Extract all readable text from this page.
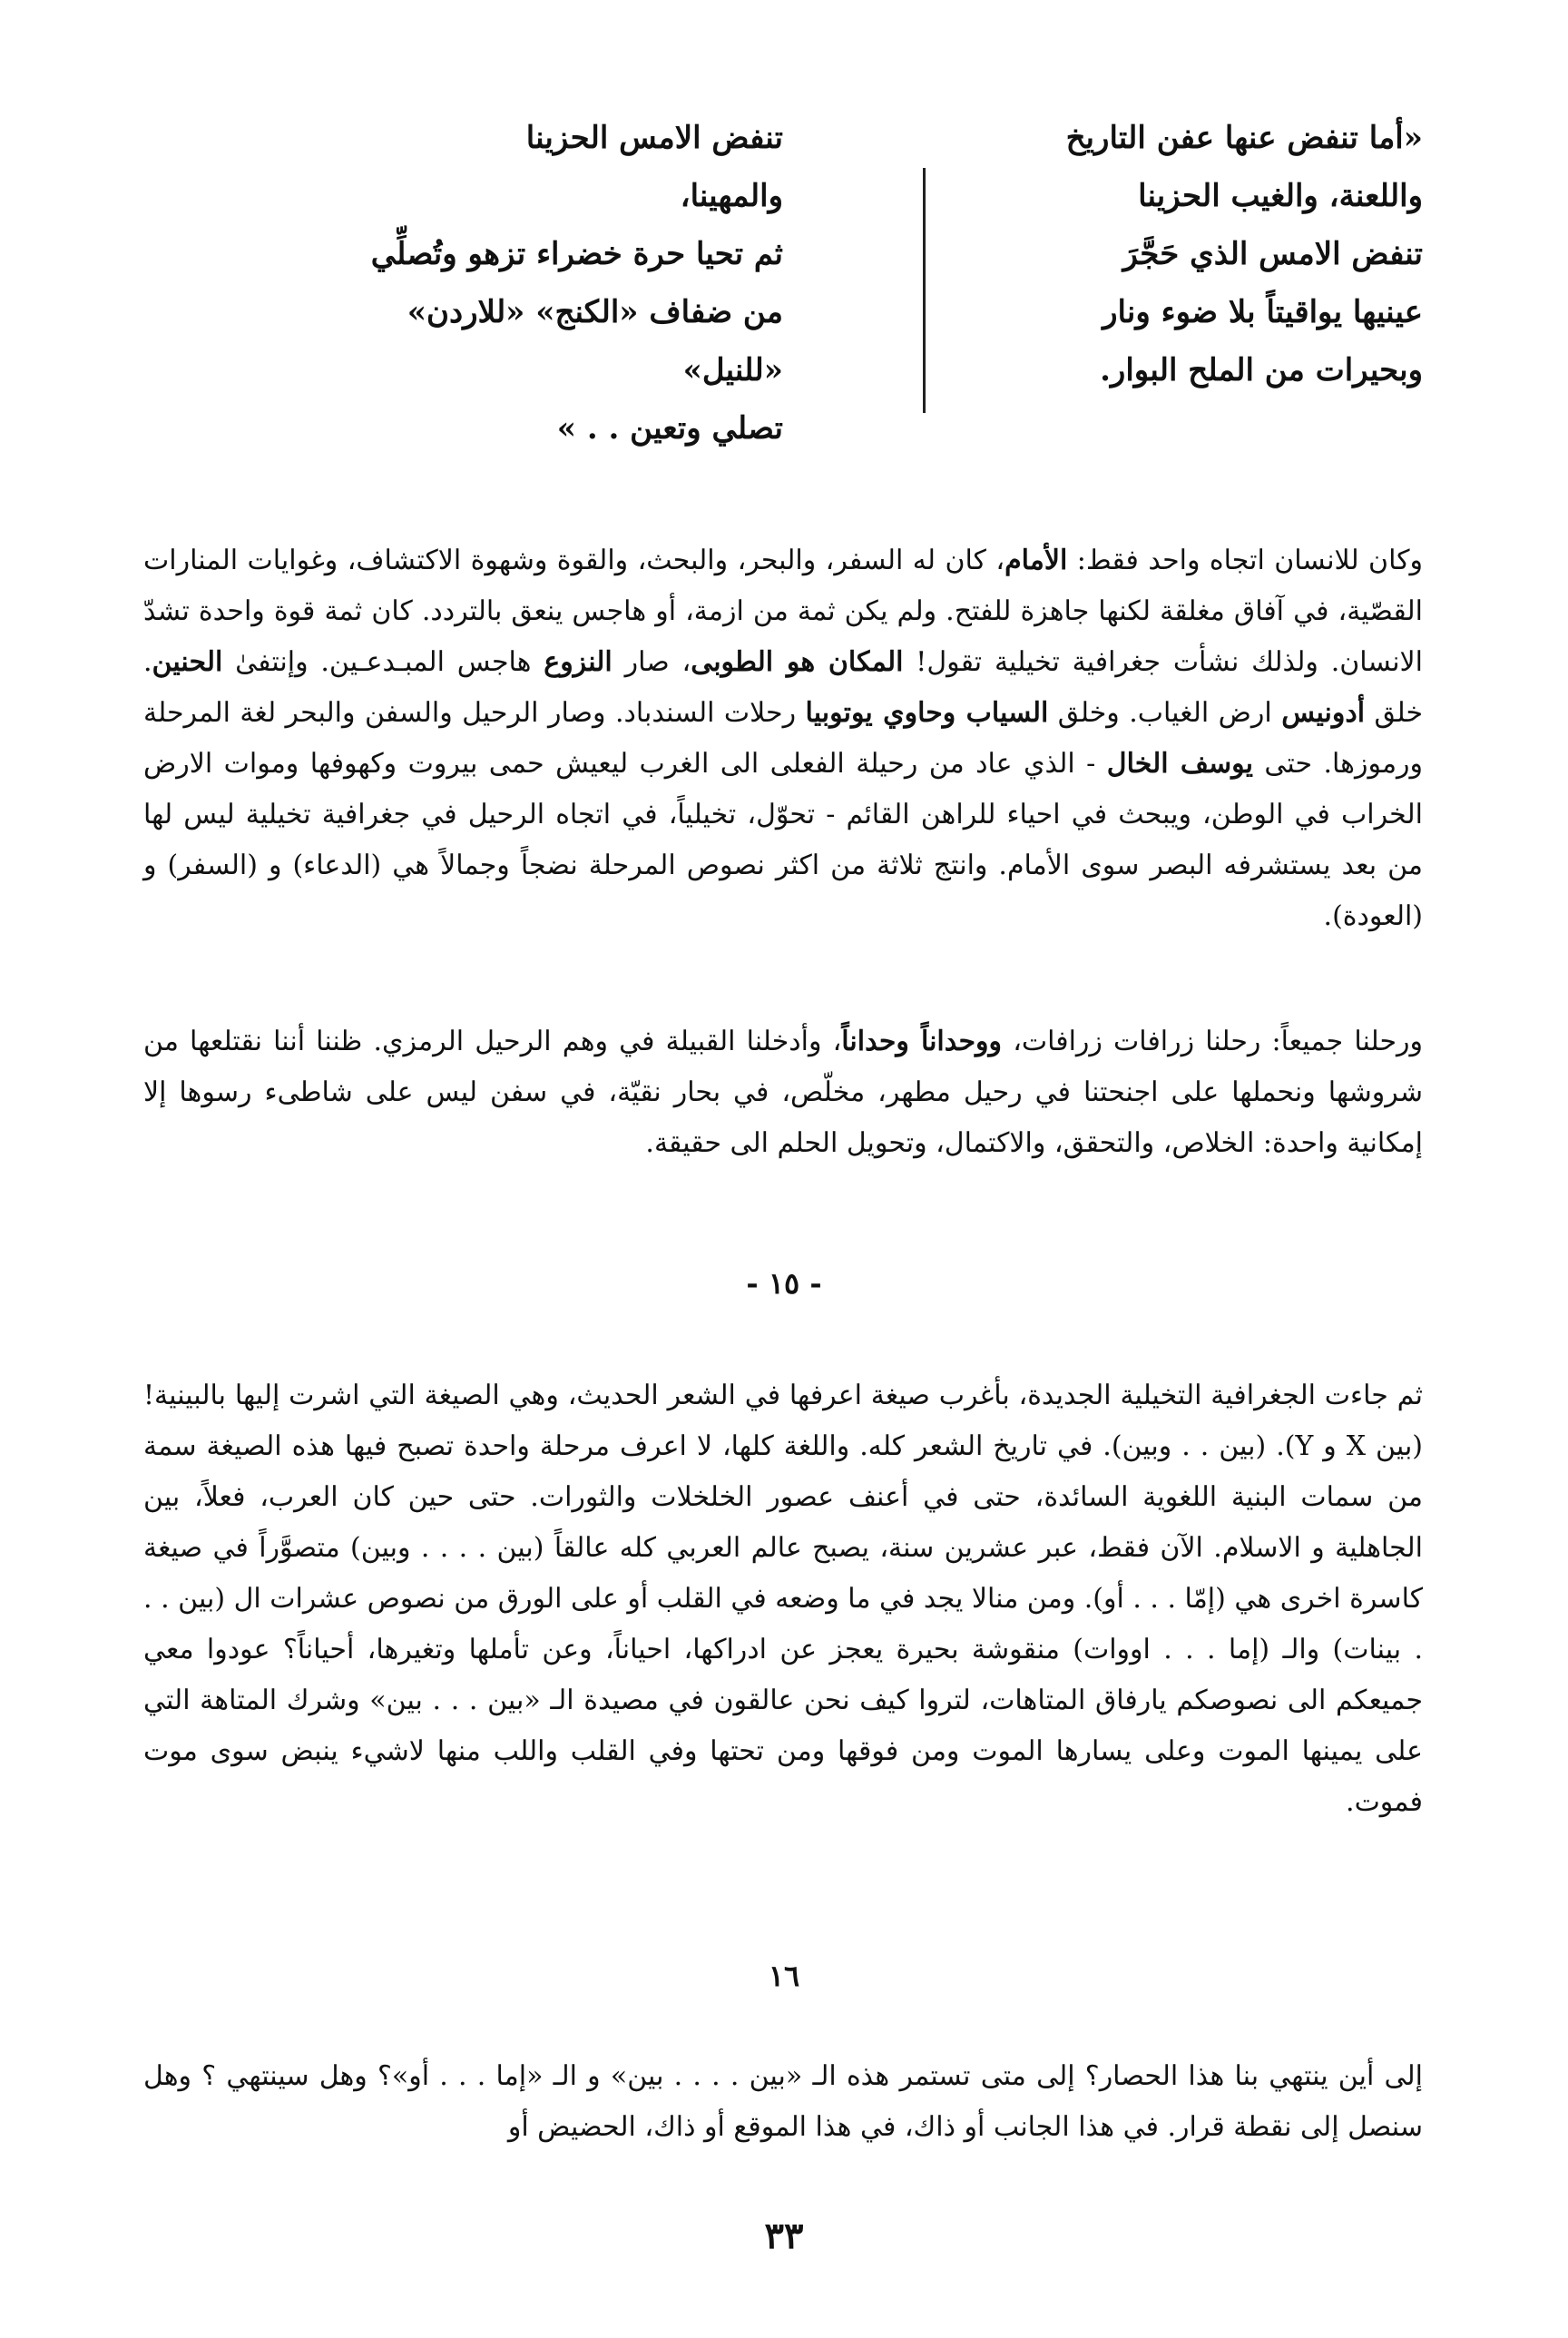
«أما تنفض عنها عفن التاريخ
واللعنة، والغيب الحزينا
تنفض الامس الذي حَجَّرَ
عينيها يواقيتاً بلا ضوء ونار
وبحيرات من الملح البوار.
تنفض الامس الحزينا
والمهينا،
ثم تحيا حرة خضراء تزهو وتُصلِّي
من ضفاف «الكنج» «للاردن»
«للنيل»
تصلي وتعين . . »

وكان للانسان اتجاه واحد فقط: الأمام، كان له السفر، والبحر، والبحث، والقوة وشهوة الاكتشاف، وغوايات المنارات القصّية، في آفاق مغلقة لكنها جاهزة للفتح. ولم يكن ثمة من ازمة، أو هاجس ينعق بالتردد. كان ثمة قوة واحدة تشدّ الانسان. ولذلك نشأت جغرافية تخيلية تقول! المكان هو الطوبى، صار النزوع هاجس المبـدعـين. وإنتفىٰ الحنين. خلق أدونيس ارض الغياب. وخلق السياب وحاوي يوتوبيا رحلات السندباد. وصار الرحيل والسفن والبحر لغة المرحلة ورموزها. حتى يوسف الخال - الذي عاد من رحيلة الفعلى الى الغرب ليعيش حمى بيروت وكهوفها وموات الارض الخراب في الوطن، ويبحث في احياء للراهن القائم - تحوّل، تخيلياً، في اتجاه الرحيل في جغرافية تخيلية ليس لها من بعد يستشرفه البصر سوى الأمام. وانتج ثلاثة من اكثر نصوص المرحلة نضجاً وجمالاً هي (الدعاء) و (السفر) و (العودة).

ورحلنا جميعاً: رحلنا زرافات زرافات، ووحداناً وحداناً، وأدخلنا القبيلة في وهم الرحيل الرمزي. ظننا أننا نقتلعها من شروشها ونحملها على اجنحتنا في رحيل مطهر، مخلّص، في بحار نقيّة، في سفن ليس على شاطىء رسوها إلا إمكانية واحدة: الخلاص، والتحقق، والاكتمال، وتحويل الحلم الى حقيقة.

- ١٥ -

ثم جاءت الجغرافية التخيلية الجديدة، بأغرب صيغة اعرفها في الشعر الحديث، وهي الصيغة التي اشرت إليها بالبينية! (بين X و Y). (بين . . وبين). في تاريخ الشعر كله. واللغة كلها، لا اعرف مرحلة واحدة تصبح فيها هذه الصيغة سمة من سمات البنية اللغوية السائدة، حتى في أعنف عصور الخلخلات والثورات. حتى حين كان العرب، فعلاً، بين الجاهلية و الاسلام. الآن فقط، عبر عشرين سنة، يصبح عالم العربي كله عالقاً (بين . . . . وبين) متصوَّراً في صيغة كاسرة اخرى هي (إمّا . . . أو). ومن منالا يجد في ما وضعه في القلب أو على الورق من نصوص عشرات ال (بين . . . بينات) والـ (إما . . . اووات) منقوشة بحيرة يعجز عن ادراكها، احياناً، وعن تأملها وتغيرها، أحياناً؟ عودوا معي جميعكم الى نصوصكم يارفاق المتاهات، لتروا كيف نحن عالقون في مصيدة الـ «بين . . . بين» وشرك المتاهة التي على يمينها الموت وعلى يسارها الموت ومن فوقها ومن تحتها وفي القلب واللب منها لاشيء ينبض سوى موت فموت.

١٦

إلى أين ينتهي بنا هذا الحصار؟ إلى متى تستمر هذه الـ «بين . . . . بين» و الـ «إما . . . أو»؟ وهل سينتهي ؟ وهل سنصل إلى نقطة قرار. في هذا الجانب أو ذاك، في هذا الموقع أو ذاك، الحضيض أو

٣٣
